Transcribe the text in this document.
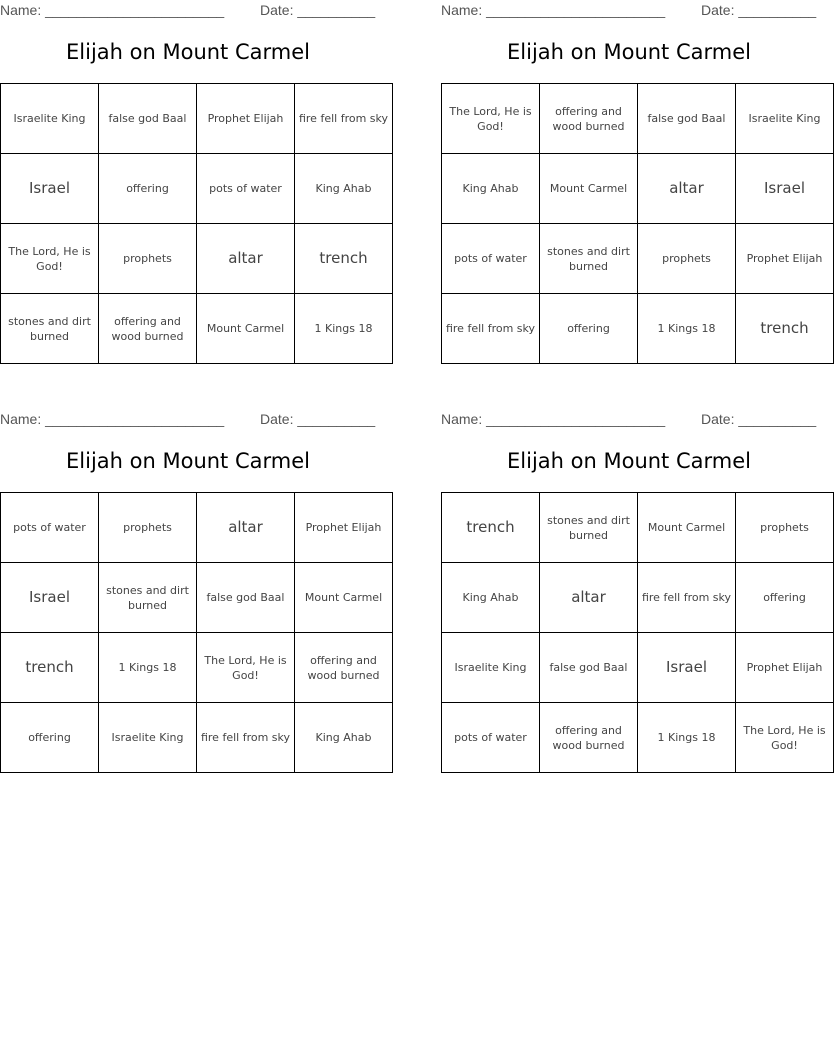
Name: _______________________	Date: __________
Elijah on Mount Carmel
Israelite King	false god Baal	Prophet Elijah	fire fell from sky
Israel	offering	pots of water	King Ahab
The Lord, He is God!	prophets	altar	trench
stones and dirt burned	offering and wood burned	Mount Carmel	1 Kings 18
Name: _______________________	Date: __________
Elijah on Mount Carmel
The Lord, He is God!	offering and wood burned	false god Baal	Israelite King
King Ahab	Mount Carmel	altar	Israel
pots of water	stones and dirt burned	prophets	Prophet Elijah
fire fell from sky	offering	1 Kings 18	trench
Name: _______________________	Date: __________
Elijah on Mount Carmel
pots of water	prophets	altar	Prophet Elijah
Israel	stones and dirt burned	false god Baal	Mount Carmel
trench	1 Kings 18	The Lord, He is God!	offering and wood burned
offering	Israelite King	fire fell from sky	King Ahab
Name: _______________________	Date: __________
Elijah on Mount Carmel
trench	stones and dirt burned	Mount Carmel	prophets
King Ahab	altar	fire fell from sky	offering
Israelite King	false god Baal	Israel	Prophet Elijah
pots of water	offering and wood burned	1 Kings 18	The Lord, He is God!
